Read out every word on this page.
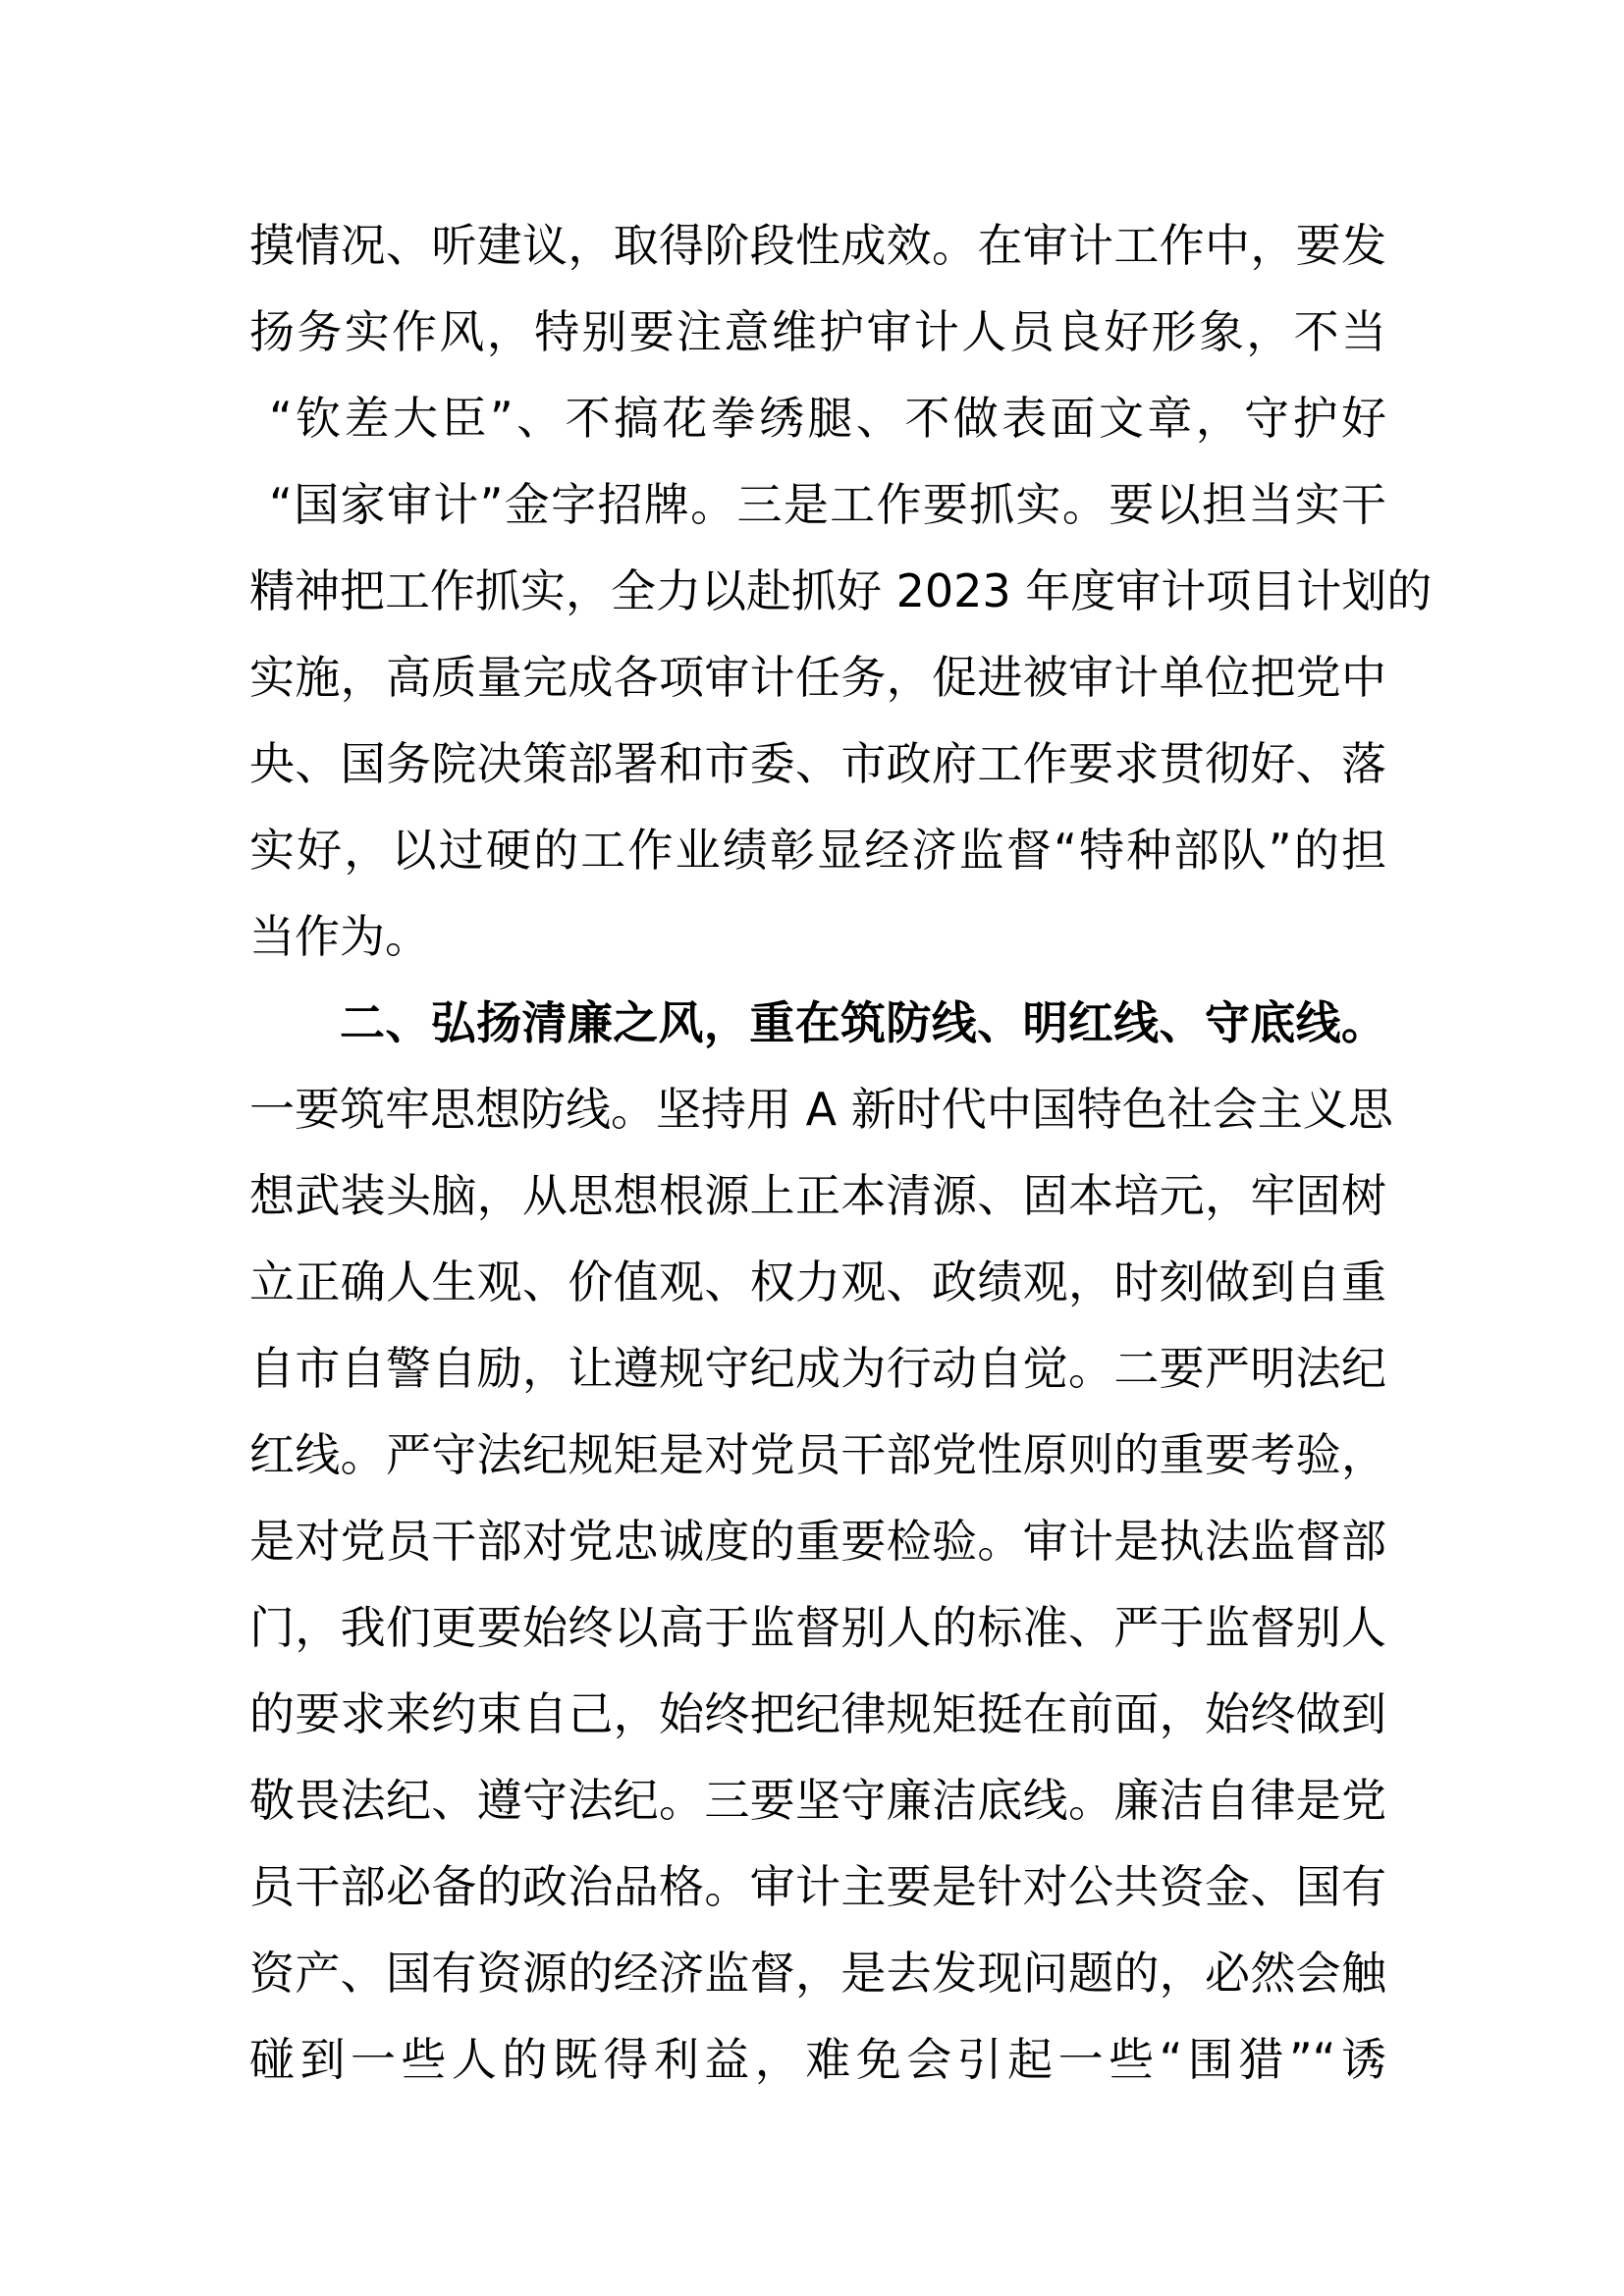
摸情况、听建议，取得阶段性成效。在审计工作中，要发
扬务实作风，特别要注意维护审计人员良好形象，不当
“钦差大臣”、不搞花拳绣腿、不做表面文章，守护好
“国家审计”金字招牌。三是工作要抓实。要以担当实干
精神把工作抓实，全力以赴抓好 2023 年度审计项目计划的
实施，高质量完成各项审计任务，促进被审计单位把党中
央、国务院决策部署和市委、市政府工作要求贯彻好、落
实好，以过硬的工作业绩彰显经济监督“特种部队”的担
当作为。
二、弘扬清廉之风，重在筑防线、明红线、守底线。
一要筑牢思想防线。坚持用 A 新时代中国特色社会主义思
想武装头脑，从思想根源上正本清源、固本培元，牢固树
立正确人生观、价值观、权力观、政绩观，时刻做到自重
自市自警自励，让遵规守纪成为行动自觉。二要严明法纪
红线。严守法纪规矩是对党员干部党性原则的重要考验，
是对党员干部对党忠诚度的重要检验。审计是执法监督部
门，我们更要始终以高于监督别人的标准、严于监督别人
的要求来约束自己，始终把纪律规矩挺在前面，始终做到
敬畏法纪、遵守法纪。三要坚守廉洁底线。廉洁自律是党
员干部必备的政治品格。审计主要是针对公共资金、国有
资产、国有资源的经济监督，是去发现问题的，必然会触
碰到一些人的既得利益，难免会引起一些“围猎”“诱
